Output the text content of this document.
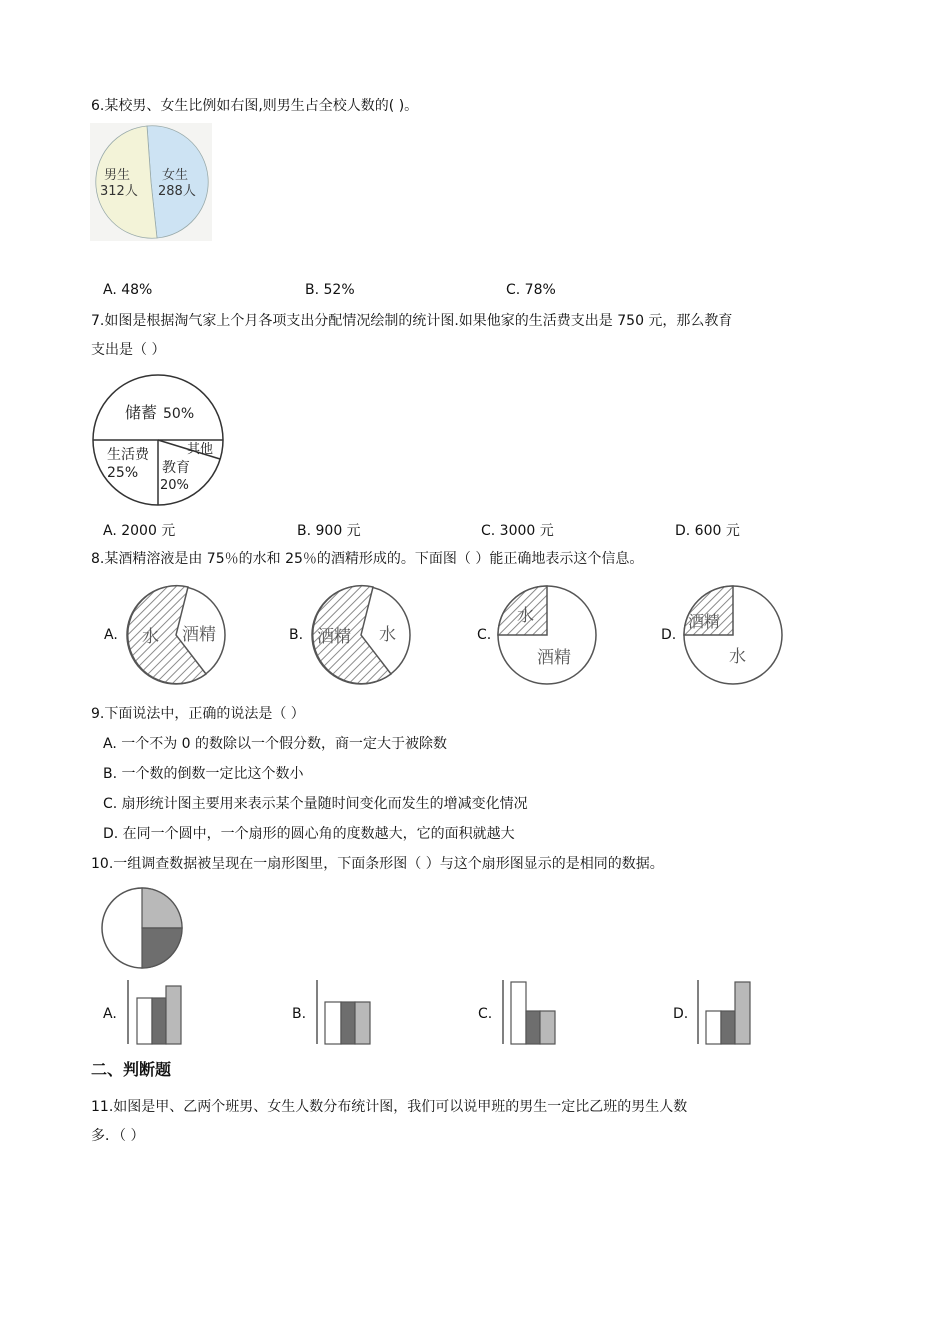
6.某校男、女生比例如右图,则男生占全校人数的( )。
男生
312人
女生
288人
A. 48%	B. 52%	C. 78%
7.如图是根据淘气家上个月各项支出分配情况绘制的统计图.如果他家的生活费支出是 750 元，那么教育
支出是（ ）
储蓄 50%
生活费
25% 教育
20%
其他
A. 2000 元	B. 900 元	C. 3000 元	D. 600 元
8.某酒精溶液是由 75％的水和 25％的酒精形成的。下面图（ ）能正确地表示这个信息。
A. 水 酒精	B. 酒精 水	C.
水
酒精
D.
酒精
水
9.下面说法中，正确的说法是（ ）
A. 一个不为 0 的数除以一个假分数，商一定大于被除数
B. 一个数的倒数一定比这个数小
C. 扇形统计图主要用来表示某个量随时间变化而发生的增减变化情况
D. 在同一个圆中，一个扇形的圆心角的度数越大，它的面积就越大
10.一组调查数据被呈现在一扇形图里，下面条形图（ ）与这个扇形图显示的是相同的数据。
A.	B.	C.	D.
二、判断题
11.如图是甲、乙两个班男、女生人数分布统计图，我们可以说甲班的男生一定比乙班的男生人数
多．（ ）
